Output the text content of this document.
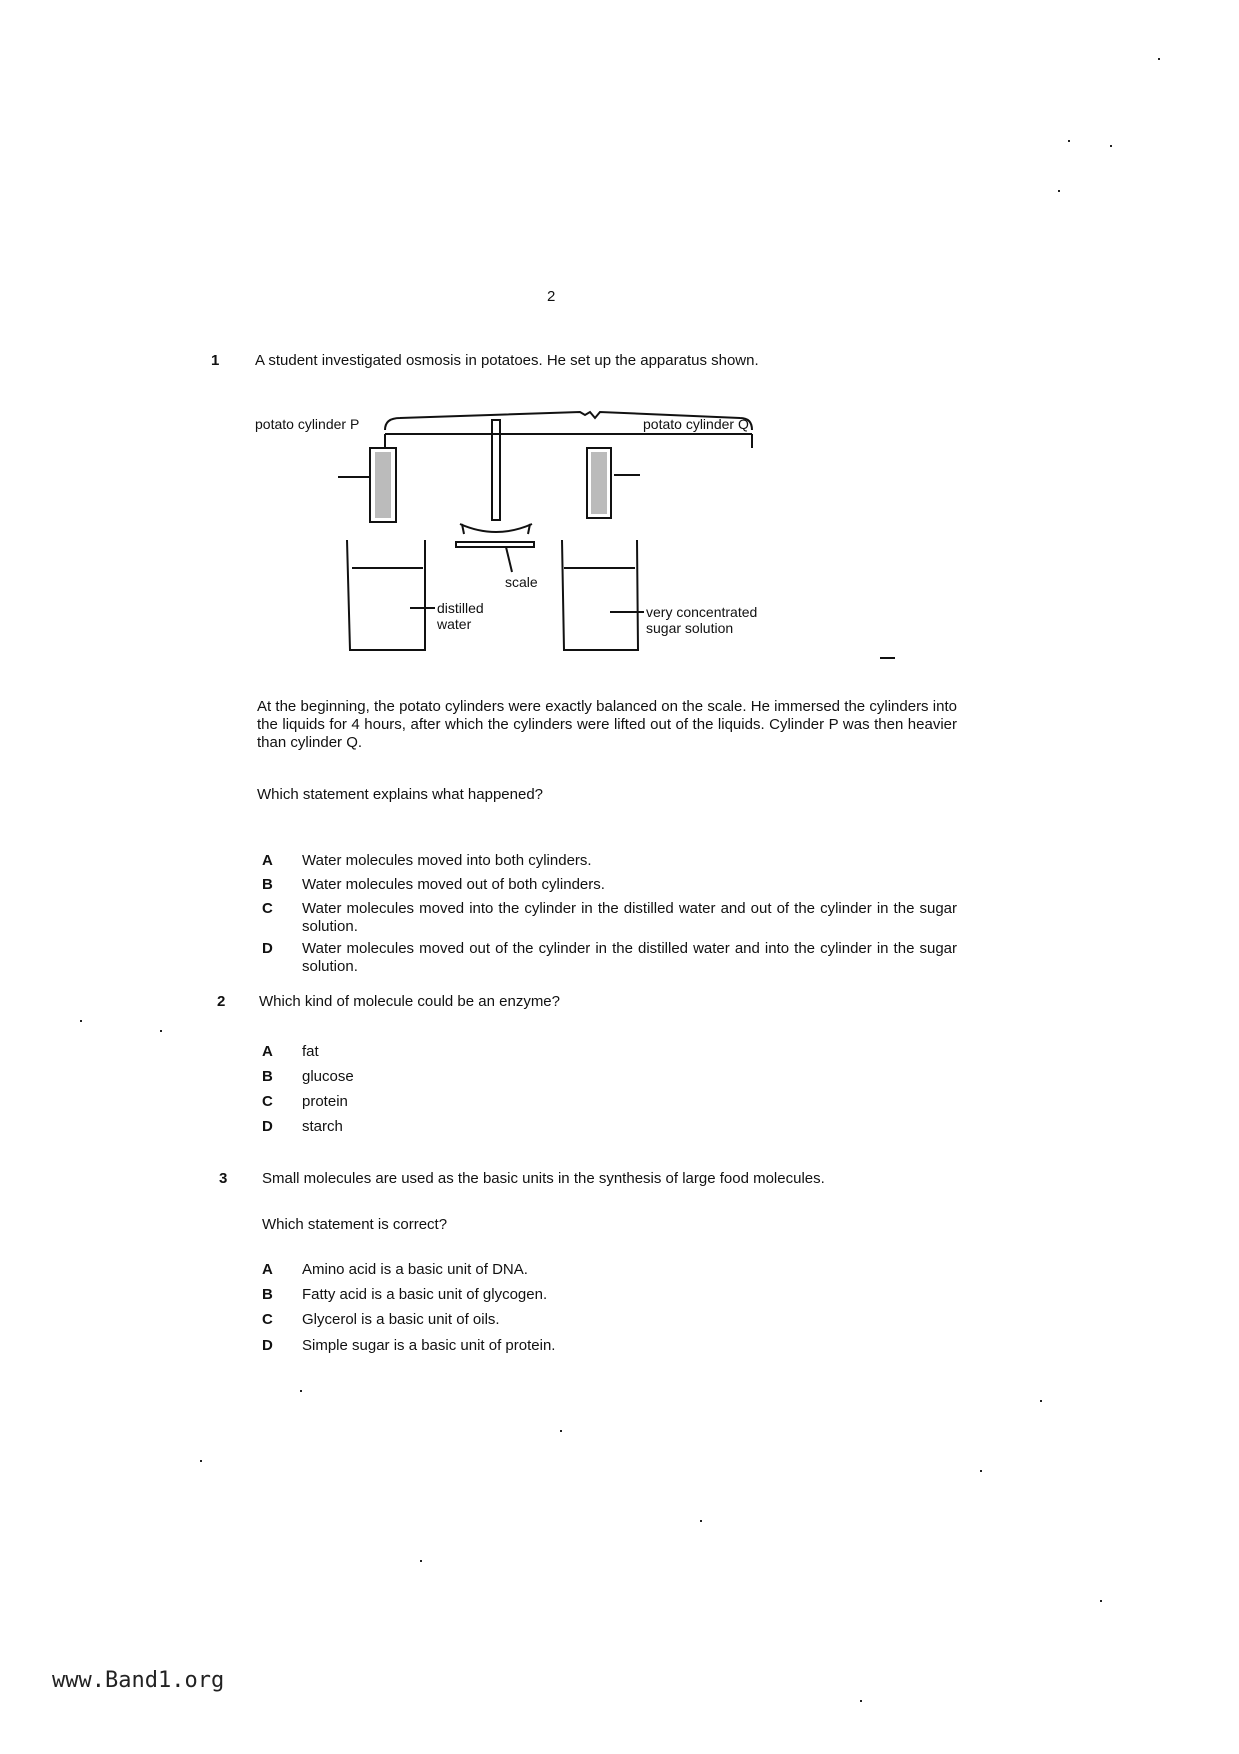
2
1 A student investigated osmosis in potatoes. He set up the apparatus shown.
potato cylinder P	potato cylinder Q
scale
distilled
water
very concentrated
sugar solution
At the beginning, the potato cylinders were exactly balanced on the scale. He immersed the cylinders into the liquids for 4 hours, after which the cylinders were lifted out of the liquids. Cylinder P was then heavier than cylinder Q.
Which statement explains what happened?
A Water molecules moved into both cylinders.
B Water molecules moved out of both cylinders.
C Water molecules moved into the cylinder in the distilled water and out of the cylinder in the sugar solution.
D Water molecules moved out of the cylinder in the distilled water and into the cylinder in the sugar solution.
2 Which kind of molecule could be an enzyme?
A fat
B glucose
C protein
D starch
3 Small molecules are used as the basic units in the synthesis of large food molecules.
Which statement is correct?
A Amino acid is a basic unit of DNA.
B Fatty acid is a basic unit of glycogen.
C Glycerol is a basic unit of oils.
D Simple sugar is a basic unit of protein.
www.Band1.org
